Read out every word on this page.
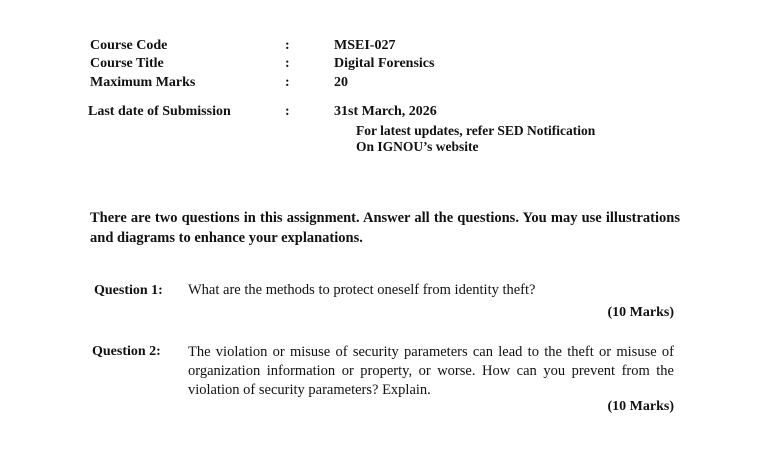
Course Code	:	MSEI-027
Course Title	:	Digital Forensics
Maximum Marks	:	20
Last date of Submission	:	31st March, 2026
For latest updates, refer SED Notification
On IGNOU’s website

There are two questions in this assignment. Answer all the questions. You may use illustrations and diagrams to enhance your explanations.

Question 1: What are the methods to protect oneself from identity theft?

(10 Marks)
Question 2: The violation or misuse of security parameters can lead to the theft or misuse of organization information or property, or worse. How can you prevent from the violation of security parameters? Explain.

(10 Marks)
